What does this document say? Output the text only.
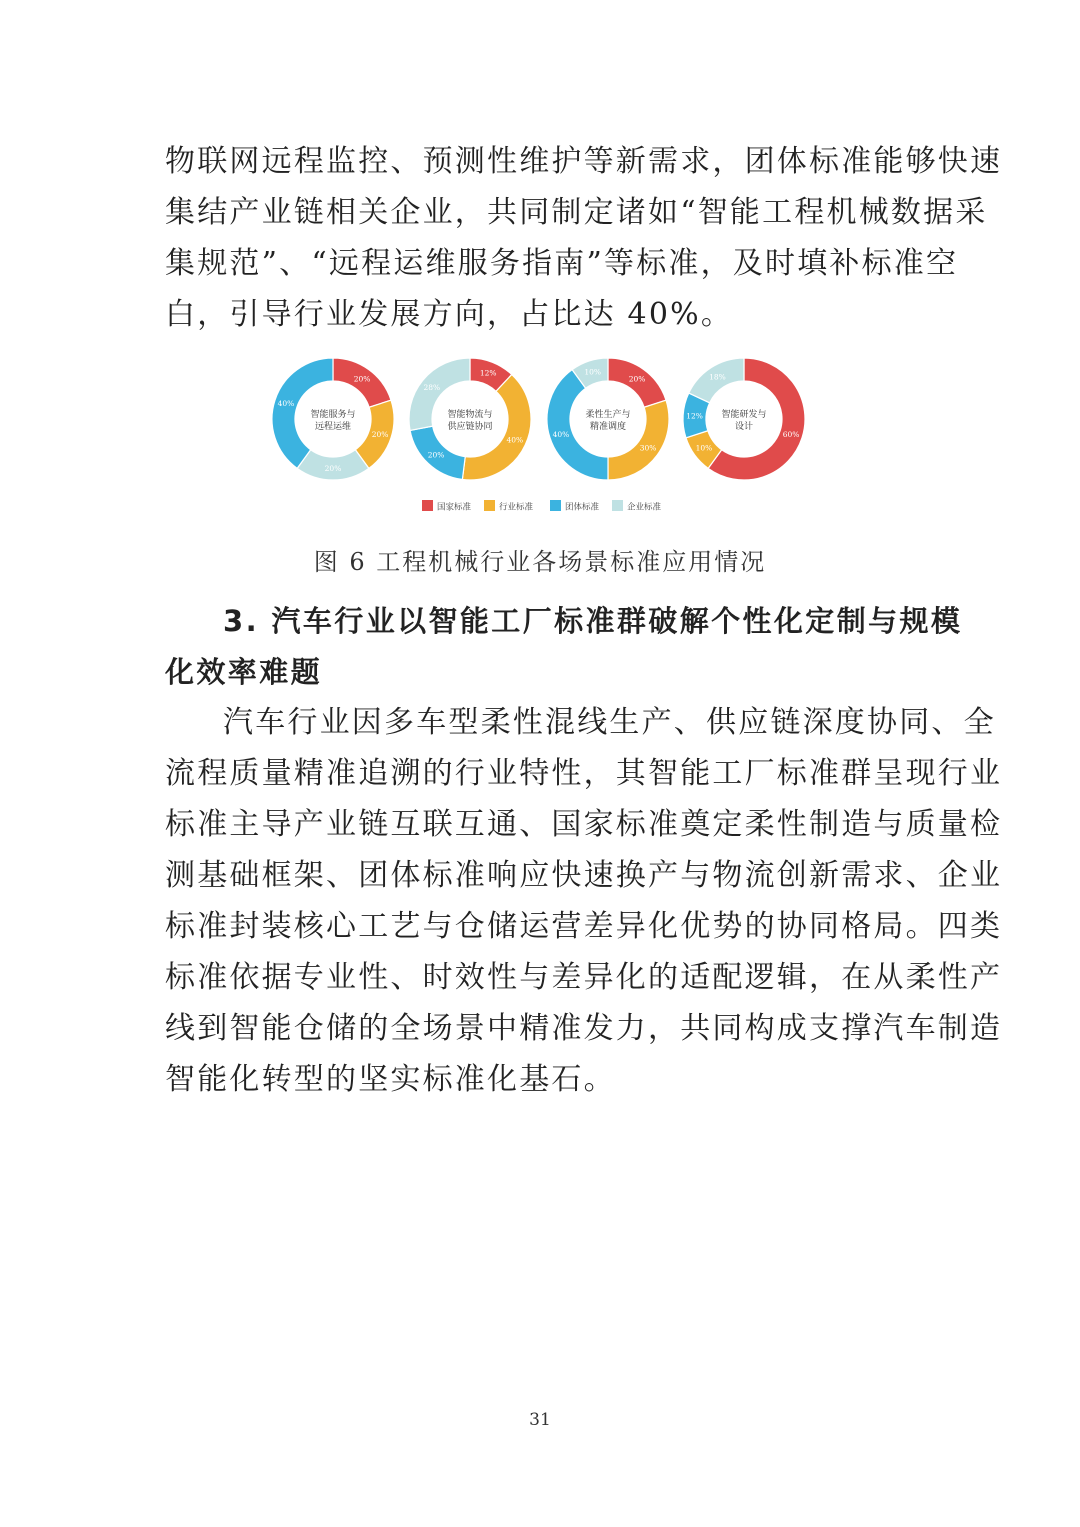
物联网远程监控、预测性维护等新需求，团体标准能够快速
集结产业链相关企业，共同制定诸如“智能工程机械数据采
集规范”、“远程运维服务指南”等标准，及时填补标准空
白，引导行业发展方向，占比达 40%。
20%
20%
20%
40%
智能服务与
远程运维
12%
40%
20%
28%
智能物流与
供应链协同
20%
30%
40%
10%
柔性生产与
精准调度
60%
10%
12%
18%
智能研发与
设计
国家标准	行业标准	团体标准	企业标准
图 6 工程机械行业各场景标准应用情况
3. 汽车行业以智能工厂标准群破解个性化定制与规模
化效率难题
汽车行业因多车型柔性混线生产、供应链深度协同、全
流程质量精准追溯的行业特性，其智能工厂标准群呈现行业
标准主导产业链互联互通、国家标准奠定柔性制造与质量检
测基础框架、团体标准响应快速换产与物流创新需求、企业
标准封装核心工艺与仓储运营差异化优势的协同格局。四类
标准依据专业性、时效性与差异化的适配逻辑，在从柔性产
线到智能仓储的全场景中精准发力，共同构成支撑汽车制造
智能化转型的坚实标准化基石。
31
